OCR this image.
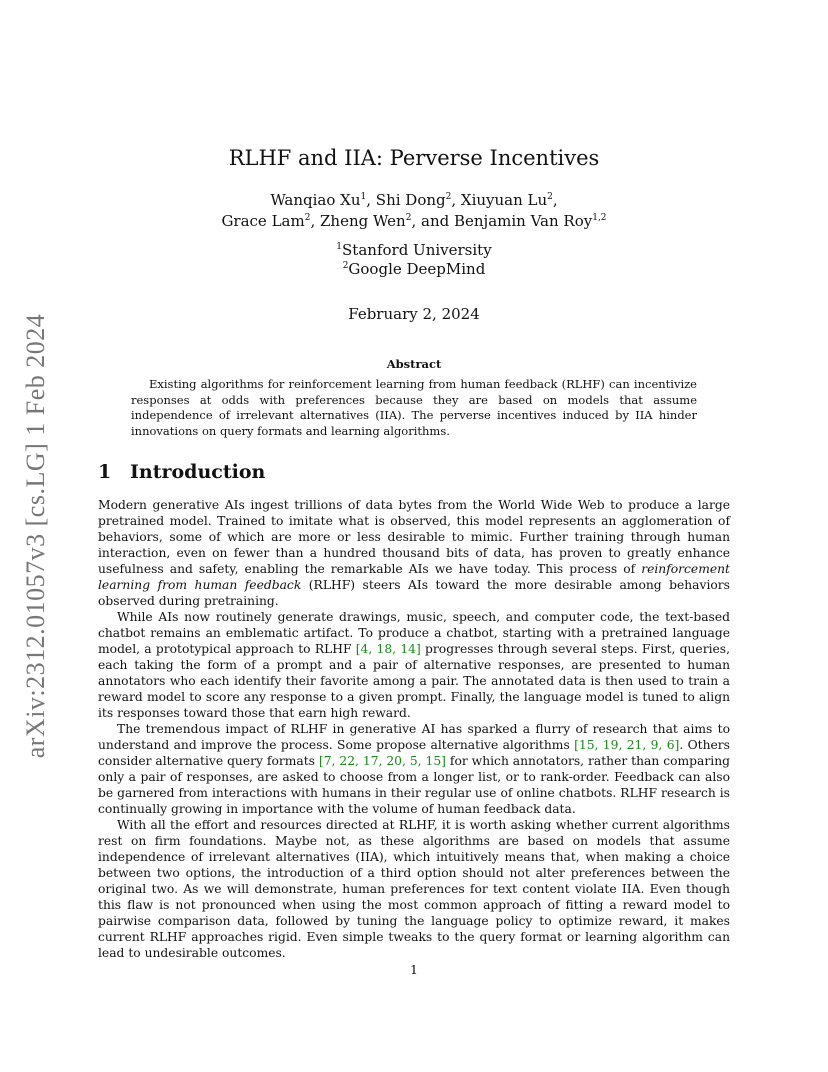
arXiv:2312.01057v3 [cs.LG] 1 Feb 2024
RLHF and IIA: Perverse Incentives
Wanqiao Xu$^1$, Shi Dong$^2$, Xiuyuan Lu$^2$,
Grace Lam$^2$, Zheng Wen$^2$, and Benjamin Van Roy$^{1,2}$
$^1$Stanford University
$^2$Google DeepMind
February 2, 2024
Abstract
Existing algorithms for reinforcement learning from human feedback (RLHF) can incentivize responses at odds with preferences because they are based on models that assume independence of irrelevant alternatives (IIA). The perverse incentives induced by IIA hinder innovations on query formats and learning algorithms.
1 Introduction

Modern generative AIs ingest trillions of data bytes from the World Wide Web to produce a large pretrained model. Trained to imitate what is observed, this model represents an agglomeration of behaviors, some of which are more or less desirable to mimic. Further training through human interaction, even on fewer than a hundred thousand bits of data, has proven to greatly enhance usefulness and safety, enabling the remarkable AIs we have today. This process of reinforcement learning from human feedback (RLHF) steers AIs toward the more desirable among behaviors observed during pretraining.

While AIs now routinely generate drawings, music, speech, and computer code, the text-based chatbot remains an emblematic artifact. To produce a chatbot, starting with a pretrained language model, a prototypical approach to RLHF [4, 18, 14] progresses through several steps. First, queries, each taking the form of a prompt and a pair of alternative responses, are presented to human annotators who each identify their favorite among a pair. The annotated data is then used to train a reward model to score any response to a given prompt. Finally, the language model is tuned to align its responses toward those that earn high reward.

The tremendous impact of RLHF in generative AI has sparked a flurry of research that aims to understand and improve the process. Some propose alternative algorithms [15, 19, 21, 9, 6]. Others consider alternative query formats [7, 22, 17, 20, 5, 15] for which annotators, rather than comparing only a pair of responses, are asked to choose from a longer list, or to rank-order. Feedback can also be garnered from interactions with humans in their regular use of online chatbots. RLHF research is continually growing in importance with the volume of human feedback data.

With all the effort and resources directed at RLHF, it is worth asking whether current algorithms rest on firm foundations. Maybe not, as these algorithms are based on models that assume independence of irrelevant alternatives (IIA), which intuitively means that, when making a choice between two options, the introduction of a third option should not alter preferences between the original two. As we will demonstrate, human preferences for text content violate IIA. Even though this flaw is not pronounced when using the most common approach of fitting a reward model to pairwise comparison data, followed by tuning the language policy to optimize reward, it makes current RLHF approaches rigid. Even simple tweaks to the query format or learning algorithm can lead to undesirable outcomes.

1
